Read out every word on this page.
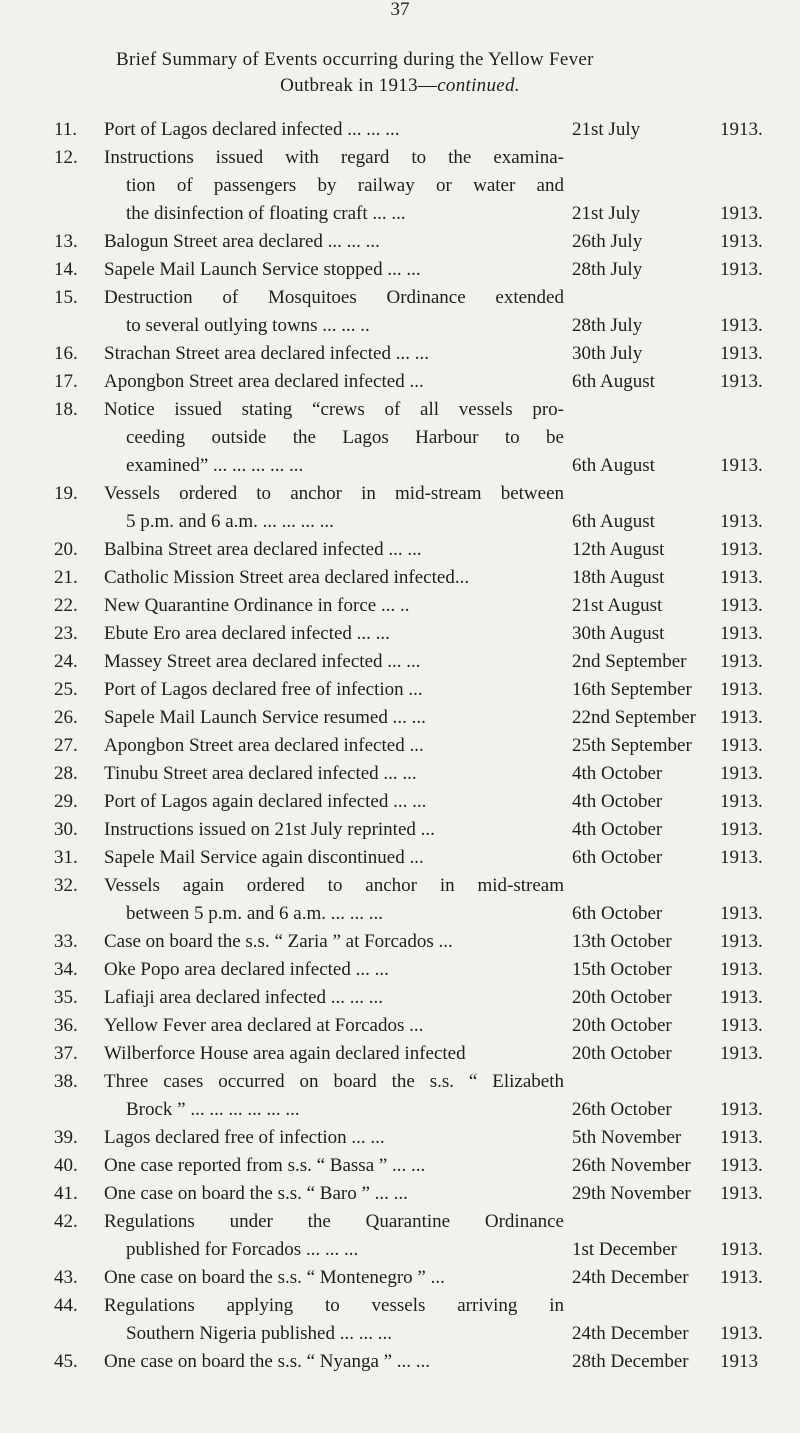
37
Brief Summary of Events occurring during the Yellow Fever
Outbreak in 1913—continued.
11.	Port of Lagos declared infected ... ... ...	21st July	1913.
12.	Instructions issued with regard to the examina-
tion of passengers by railway or water and
the disinfection of floating craft ... ...	21st July	1913.
13.	Balogun Street area declared ... ... ...	26th July	1913.
14.	Sapele Mail Launch Service stopped ... ...	28th July	1913.
15.	Destruction of Mosquitoes Ordinance extended
to several outlying towns ... ... ..	28th July	1913.
16.	Strachan Street area declared infected ... ...	30th July	1913.
17.	Apongbon Street area declared infected ...	6th August	1913.
18.	Notice issued stating “crews of all vessels pro-
ceeding outside the Lagos Harbour to be
examined” ... ... ... ... ...	6th August	1913.
19.	Vessels ordered to anchor in mid-stream between
5 p.m. and 6 a.m. ... ... ... ...	6th August	1913.
20.	Balbina Street area declared infected ... ...	12th August	1913.
21.	Catholic Mission Street area declared infected...	18th August	1913.
22.	New Quarantine Ordinance in force ... ..	21st August	1913.
23.	Ebute Ero area declared infected ... ...	30th August	1913.
24.	Massey Street area declared infected ... ...	2nd September 1913.
25.	Port of Lagos declared free of infection ...	16th September 1913.
26.	Sapele Mail Launch Service resumed ... ...	22nd September 1913.
27.	Apongbon Street area declared infected ...	25th September 1913.
28.	Tinubu Street area declared infected ... ...	4th October	1913.
29.	Port of Lagos again declared infected ... ...	4th October	1913.
30.	Instructions issued on 21st July reprinted ...	4th October	1913.
31.	Sapele Mail Service again discontinued ...	6th October	1913.
32.	Vessels again ordered to anchor in mid-stream
between 5 p.m. and 6 a.m. ... ... ...	6th October	1913.
33.	Case on board the s.s. “ Zaria ” at Forcados ...	13th October	1913.
34.	Oke Popo area declared infected ... ...	15th October	1913.
35.	Lafiaji area declared infected ... ... ...	20th October	1913.
36.	Yellow Fever area declared at Forcados ...	20th October	1913.
37.	Wilberforce House area again declared infected	20th October	1913.
38.	Three cases occurred on board the s.s. “ Elizabeth
Brock ” ... ... ... ... ... ...	26th October	1913.
39.	Lagos declared free of infection ... ...	5th November 1913.
40.	One case reported from s.s. “ Bassa ” ... ...	26th November 1913.
41.	One case on board the s.s. “ Baro ” ... ...	29th November 1913.
42.	Regulations under the Quarantine Ordinance
published for Forcados ... ... ...	1st December 1913.
43.	One case on board the s.s. “ Montenegro ” ...	24th December 1913.
44.	Regulations applying to vessels arriving in
Southern Nigeria published ... ... ...	24th December 1913.
45.	One case on board the s.s. “ Nyanga ” ... ...	28th December 1913
